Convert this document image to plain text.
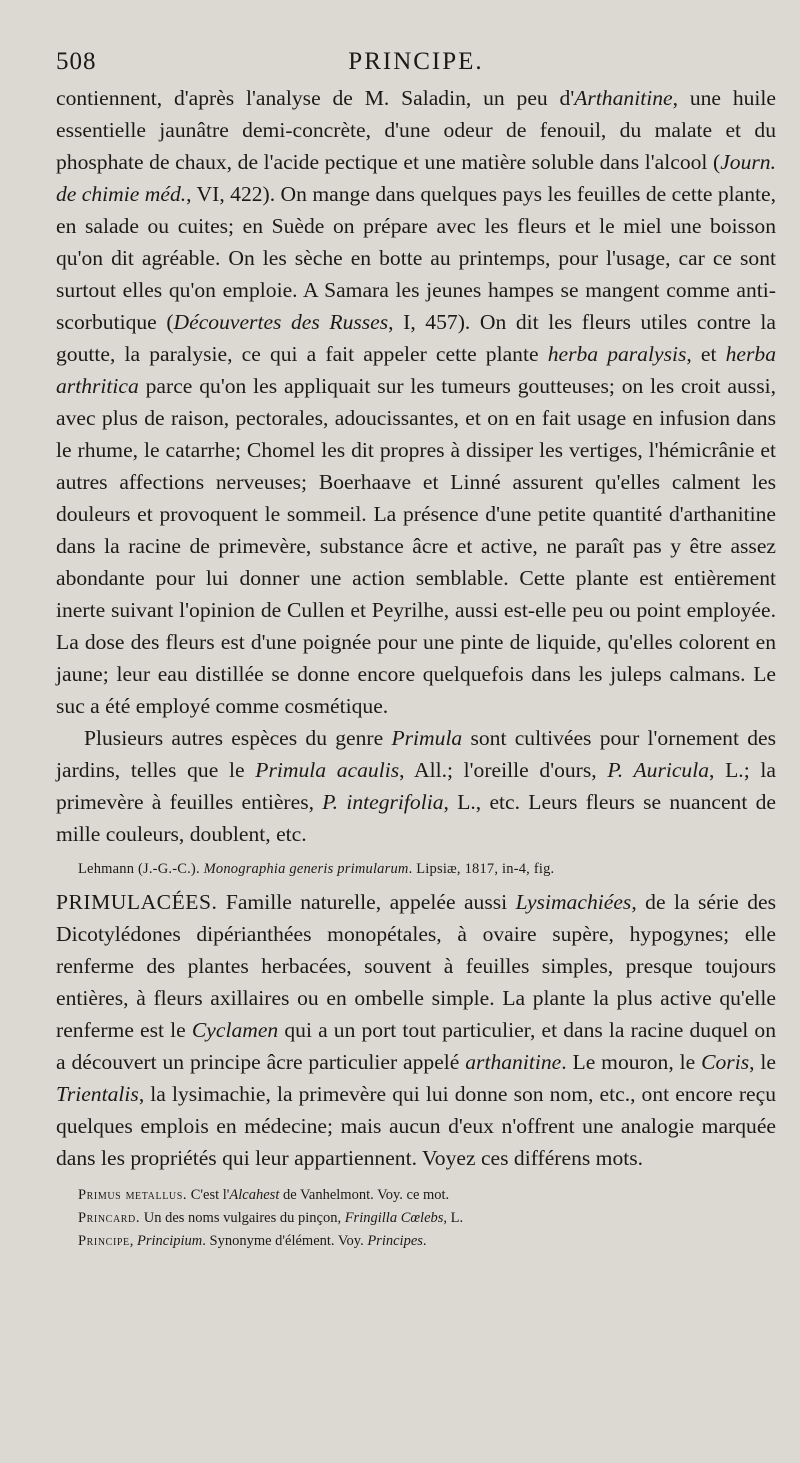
508	PRINCIPE.

contiennent, d'après l'analyse de M. Saladin, un peu d'Arthanitine, une huile essentielle jaunâtre demi-concrète, d'une odeur de fenouil, du malate et du phosphate de chaux, de l'acide pectique et une matière soluble dans l'alcool (Journ. de chimie méd., VI, 422). On mange dans quelques pays les feuilles de cette plante, en salade ou cuites; en Suède on prépare avec les fleurs et le miel une boisson qu'on dit agréable. On les sèche en botte au printemps, pour l'usage, car ce sont surtout elles qu'on emploie. A Samara les jeunes hampes se mangent comme anti-scorbutique (Découvertes des Russes, I, 457). On dit les fleurs utiles contre la goutte, la paralysie, ce qui a fait appeler cette plante herba paralysis, et herba arthritica parce qu'on les appliquait sur les tumeurs goutteuses; on les croit aussi, avec plus de raison, pectorales, adoucissantes, et on en fait usage en infusion dans le rhume, le catarrhe; Chomel les dit propres à dissiper les vertiges, l'hémicrânie et autres affections nerveuses; Boerhaave et Linné assurent qu'elles calment les douleurs et provoquent le sommeil. La présence d'une petite quantité d'arthanitine dans la racine de primevère, substance âcre et active, ne paraît pas y être assez abondante pour lui donner une action semblable. Cette plante est entièrement inerte suivant l'opinion de Cullen et Peyrilhe, aussi est-elle peu ou point employée. La dose des fleurs est d'une poignée pour une pinte de liquide, qu'elles colorent en jaune; leur eau distillée se donne encore quelquefois dans les juleps calmans. Le suc a été employé comme cosmétique.

Plusieurs autres espèces du genre Primula sont cultivées pour l'ornement des jardins, telles que le Primula acaulis, All.; l'oreille d'ours, P. Auricula, L.; la primevère à feuilles entières, P. integrifolia, L., etc. Leurs fleurs se nuancent de mille couleurs, doublent, etc.

Lehmann (J.-G.-C.). Monographia generis primularum. Lipsiæ, 1817, in-4, fig.

PRIMULACÉES. Famille naturelle, appelée aussi Lysimachiées, de la série des Dicotylédones dipérianthées monopétales, à ovaire supère, hypogynes; elle renferme des plantes herbacées, souvent à feuilles simples, presque toujours entières, à fleurs axillaires ou en ombelle simple. La plante la plus active qu'elle renferme est le Cyclamen qui a un port tout particulier, et dans la racine duquel on a découvert un principe âcre particulier appelé arthanitine. Le mouron, le Coris, le Trientalis, la lysimachie, la primevère qui lui donne son nom, etc., ont encore reçu quelques emplois en médecine; mais aucun d'eux n'offrent une analogie marquée dans les propriétés qui leur appartiennent. Voyez ces différens mots.

Primus metallus. C'est l'Alcahest de Vanhelmont. Voy. ce mot.

Princard. Un des noms vulgaires du pinçon, Fringilla Cœlebs, L.

Principe, Principium. Synonyme d'élément. Voy. Principes.
